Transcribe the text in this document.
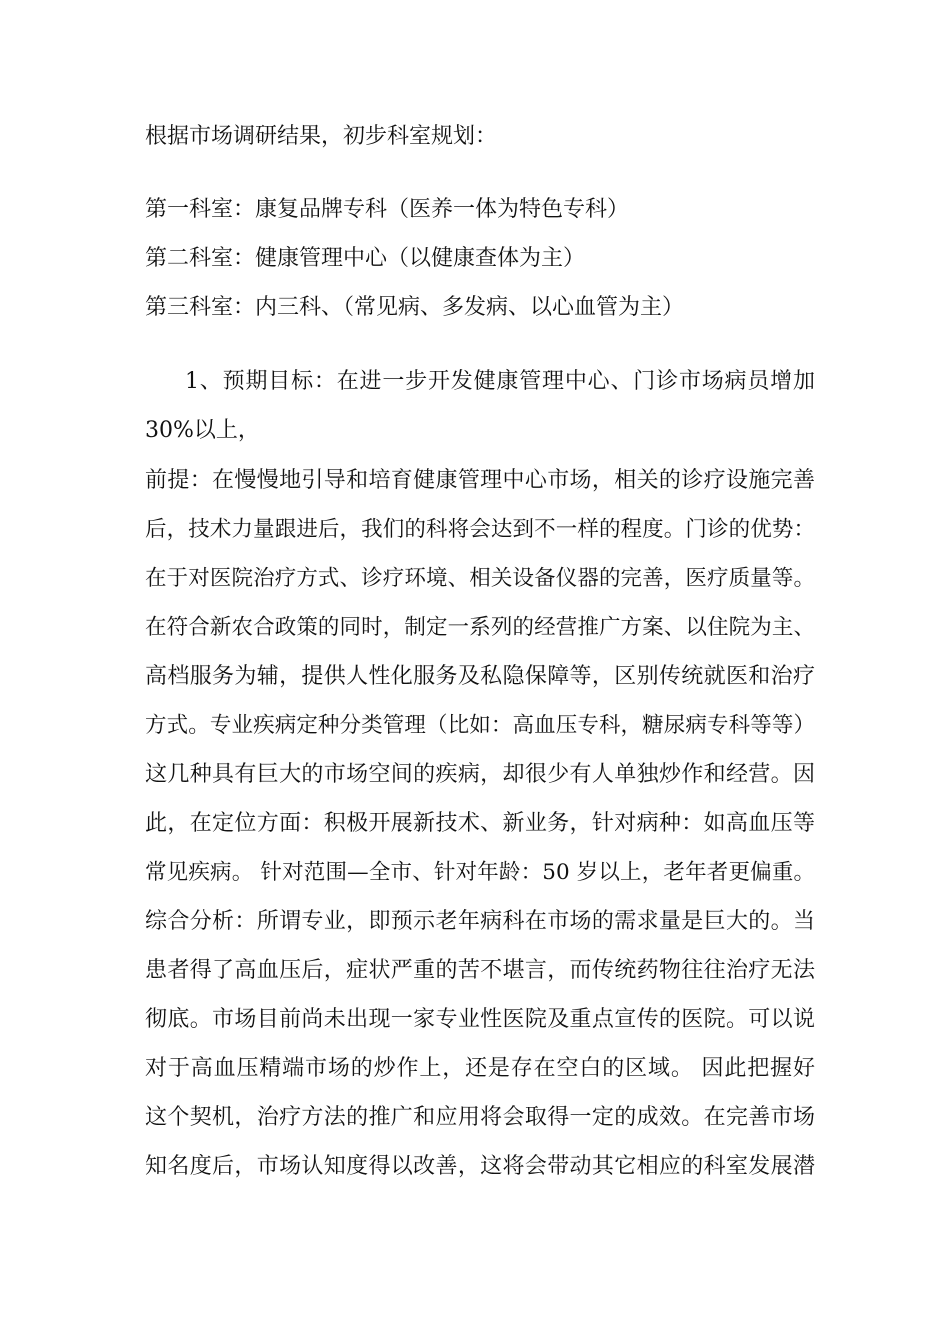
根据市场调研结果，初步科室规划：
第一科室：康复品牌专科（医养一体为特色专科）
第二科室：健康管理中心（以健康查体为主）
第三科室：内三科、（常见病、多发病、以心血管为主）
1、预期目标：在进一步开发健康管理中心、门诊市场病员增加
30%以上，
前提：在慢慢地引导和培育健康管理中心市场，相关的诊疗设施完善
后，技术力量跟进后，我们的科将会达到不一样的程度。门诊的优势：
在于对医院治疗方式、诊疗环境、相关设备仪器的完善，医疗质量等。
在符合新农合政策的同时，制定一系列的经营推广方案、以住院为主、
高档服务为辅，提供人性化服务及私隐保障等，区别传统就医和治疗
方式。专业疾病定种分类管理（比如：高血压专科，糖尿病专科等等）
这几种具有巨大的市场空间的疾病，却很少有人单独炒作和经营。因
此，在定位方面：积极开展新技术、新业务，针对病种：如高血压等
常见疾病。 针对范围—全市、针对年龄：50 岁以上，老年者更偏重。
综合分析：所谓专业，即预示老年病科在市场的需求量是巨大的。当
患者得了高血压后，症状严重的苦不堪言，而传统药物往往治疗无法
彻底。市场目前尚未出现一家专业性医院及重点宣传的医院。可以说
对于高血压精端市场的炒作上，还是存在空白的区域。 因此把握好
这个契机，治疗方法的推广和应用将会取得一定的成效。在完善市场
知名度后，市场认知度得以改善，这将会带动其它相应的科室发展潜
